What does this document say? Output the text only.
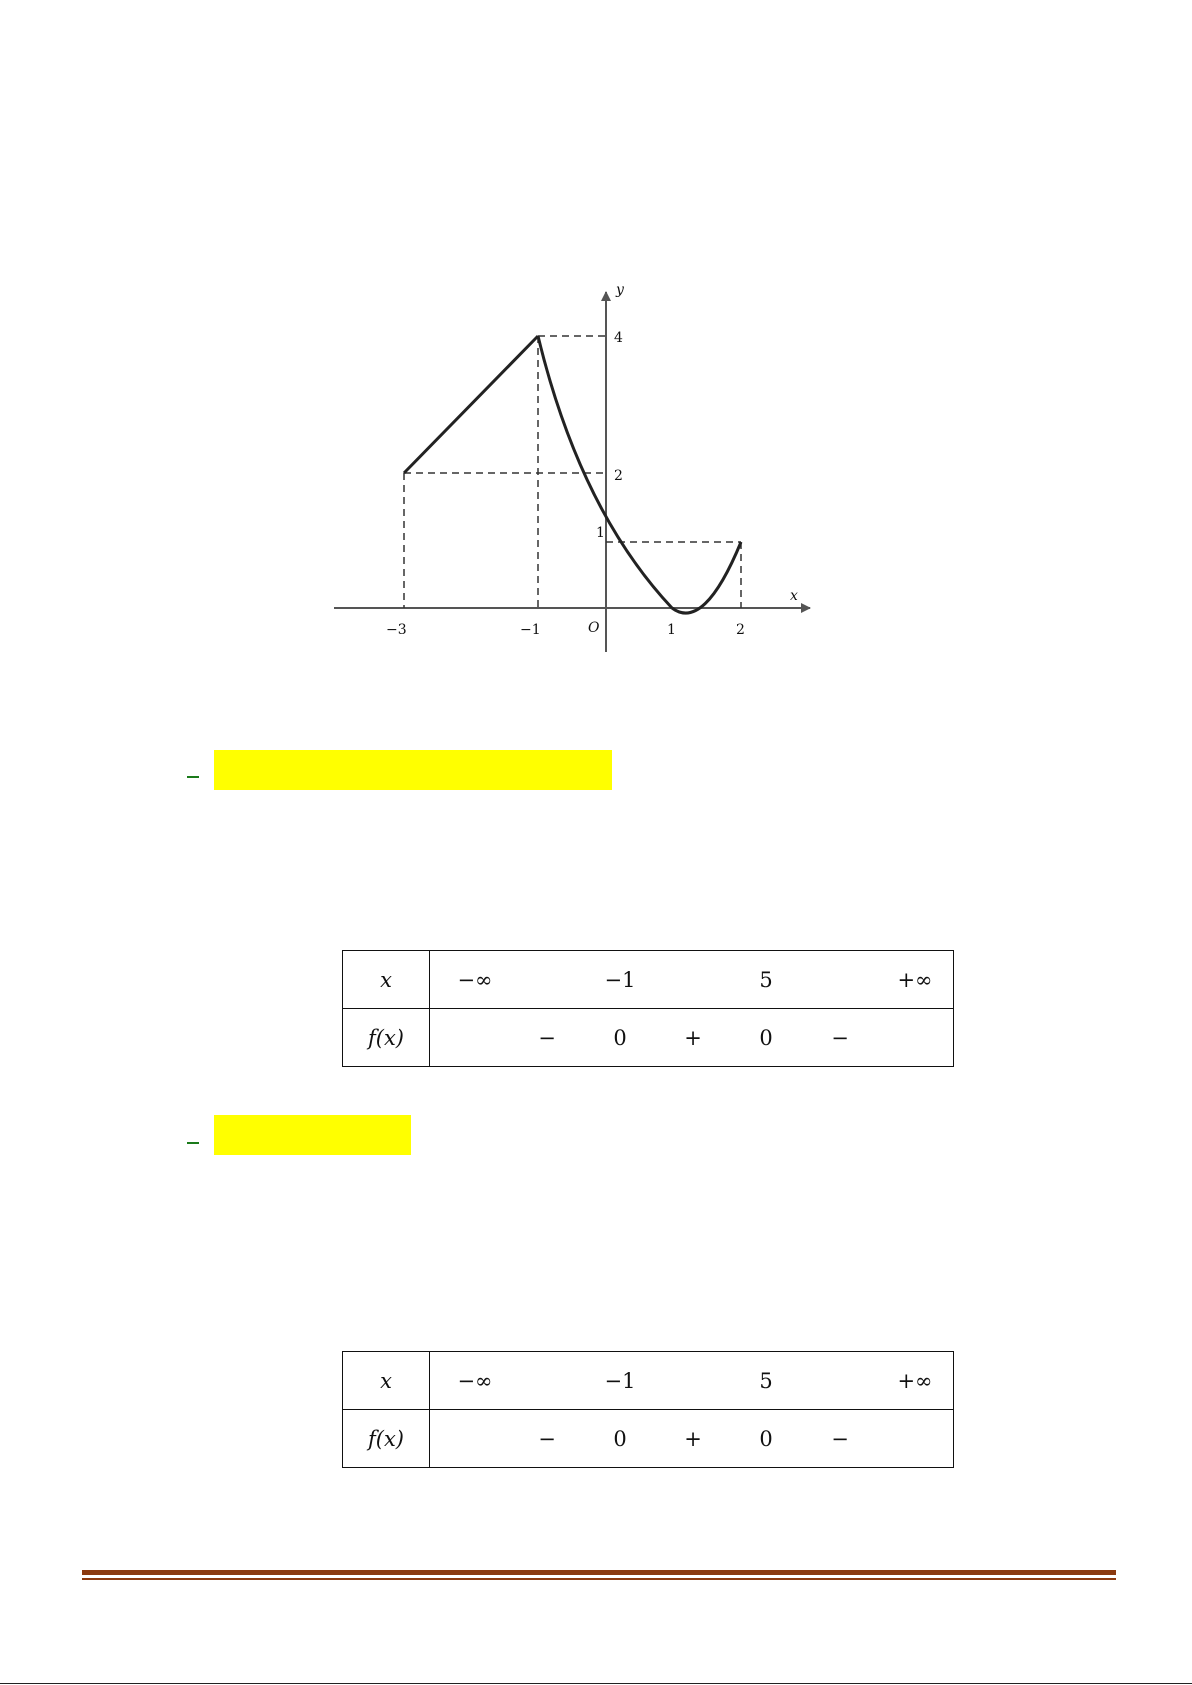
y
x
O
4
2
1
−3	−1	1	2
x	−∞ −1 5 +∞

f(x)	− 0 + 0 −
x	−∞ −1 5 +∞

f(x)	− 0 + 0 −
